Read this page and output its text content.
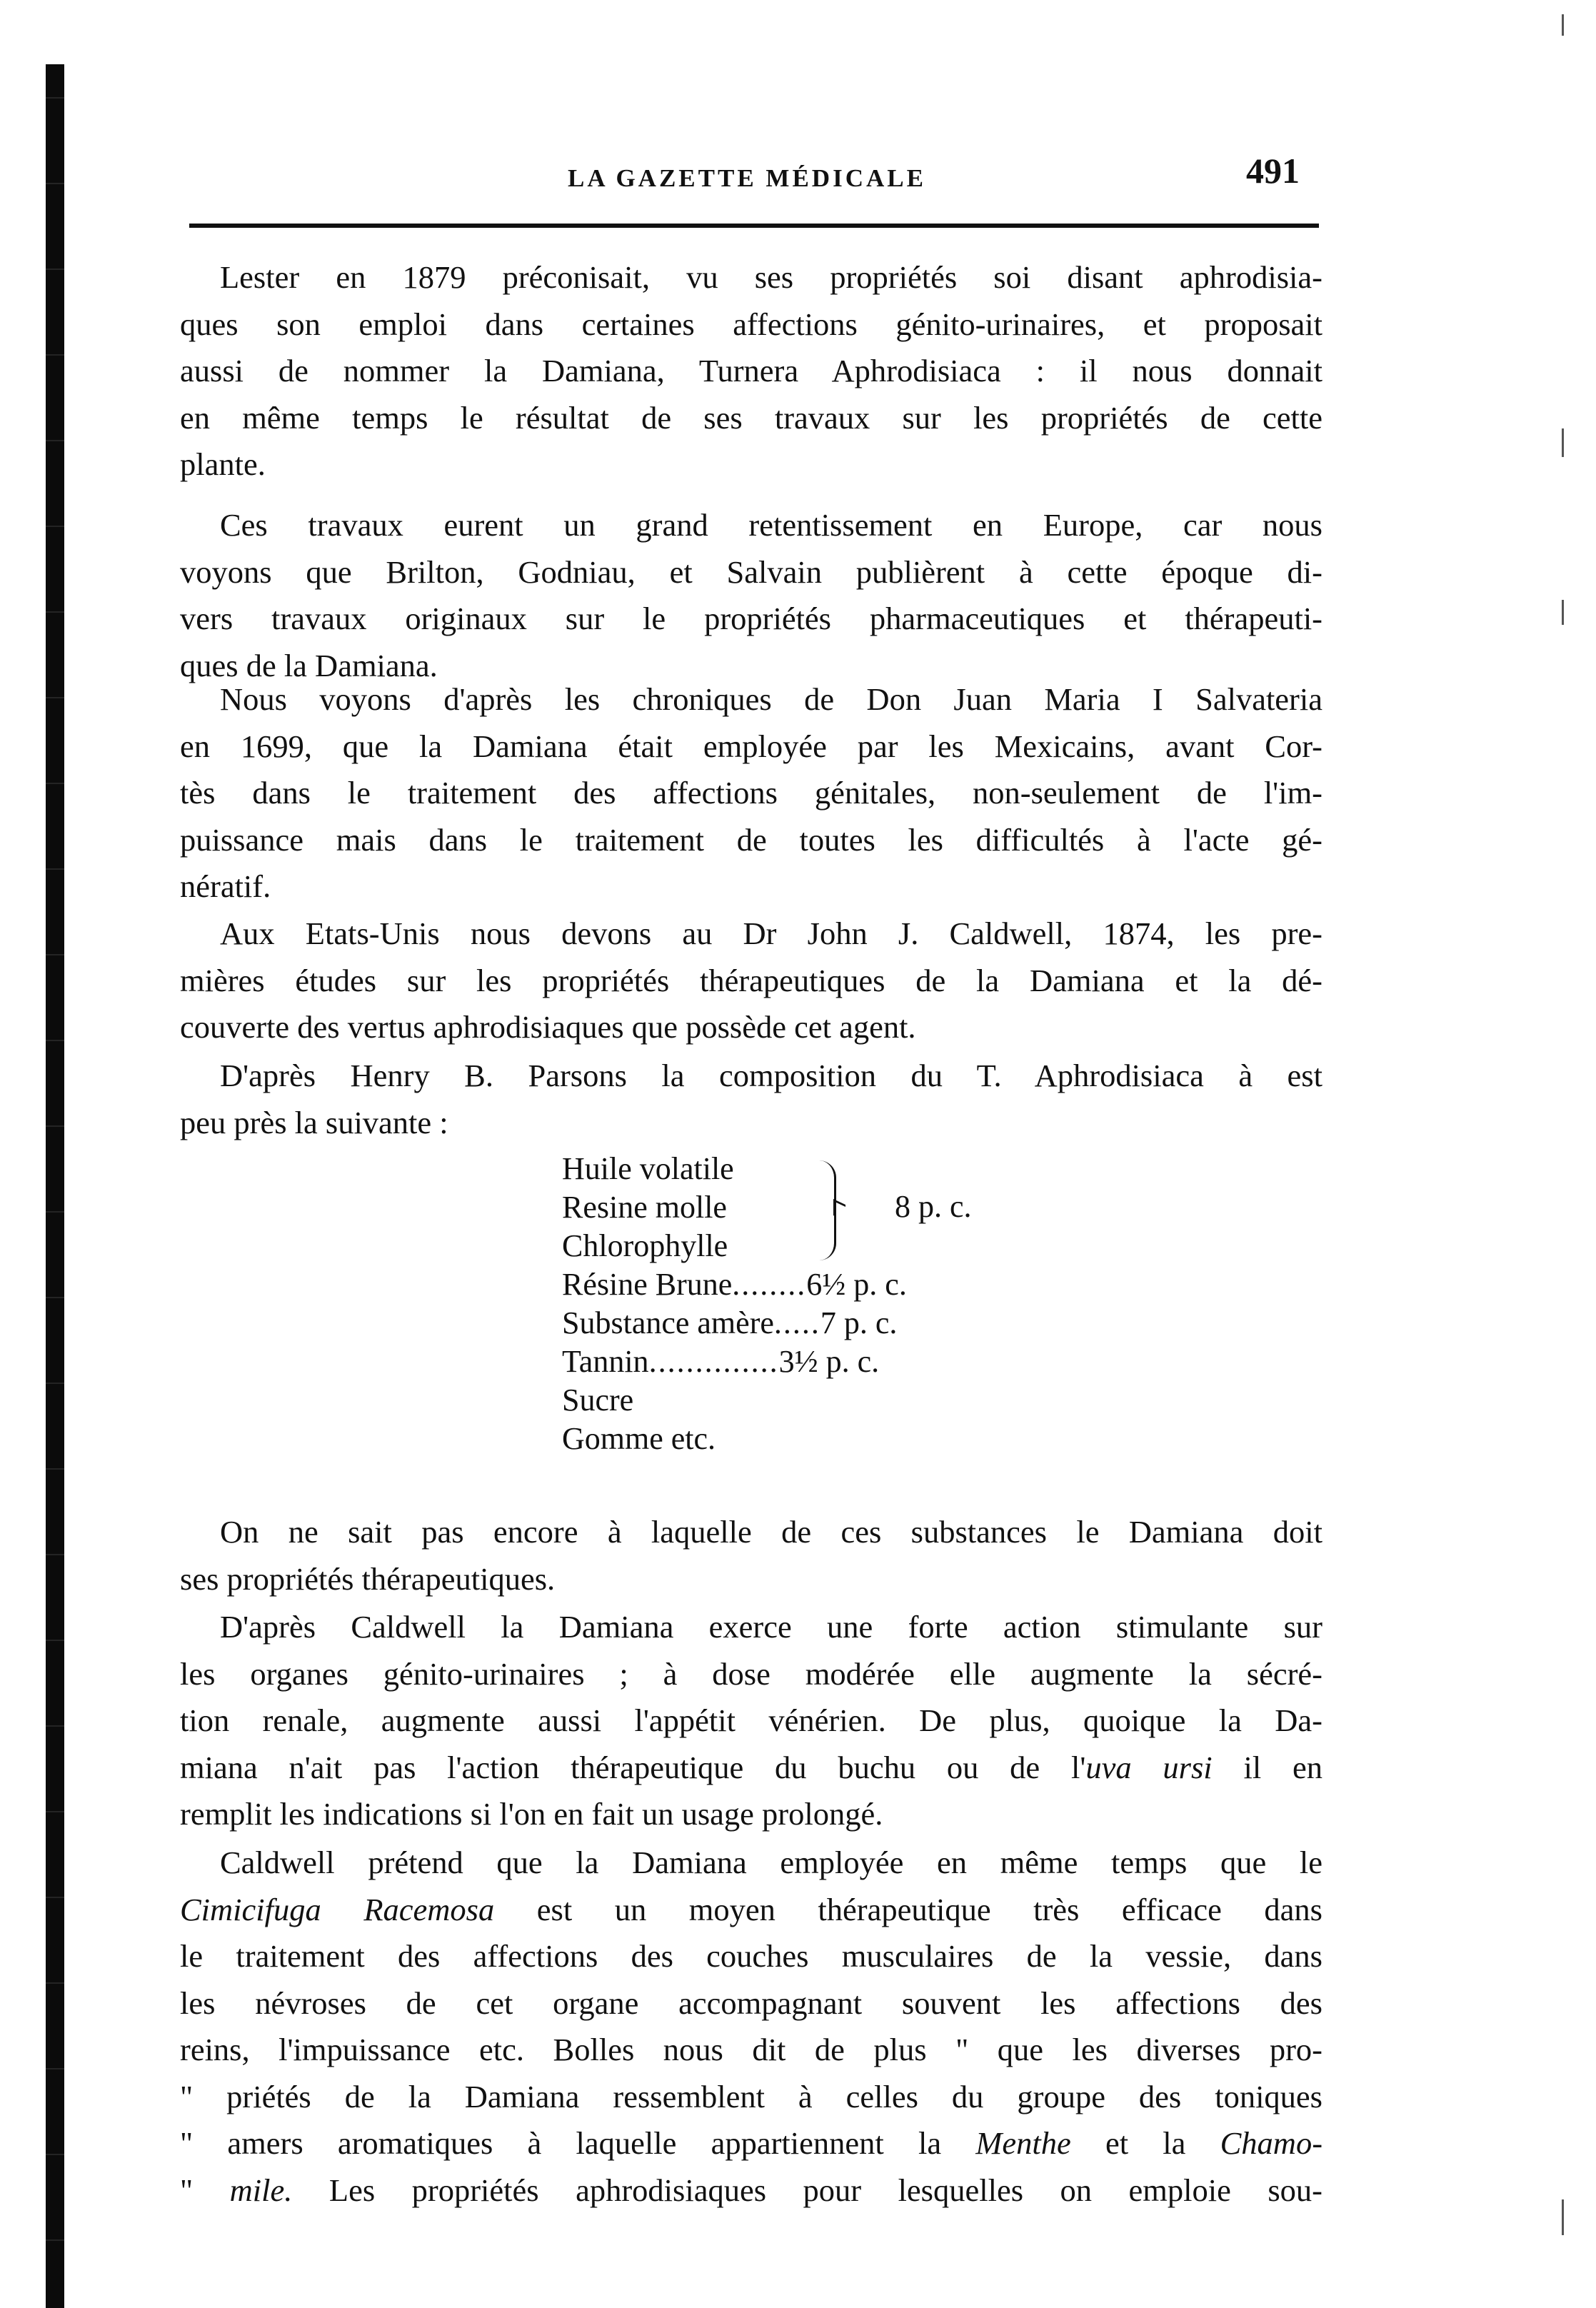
LA GAZETTE MÉDICALE	491
Lester en 1879 préconisait, vu ses propriétés soi disant aphrodisia-
ques son emploi dans certaines affections génito-urinaires, et proposait
aussi de nommer la Damiana, Turnera Aphrodisiaca : il nous donnait
en même temps le résultat de ses travaux sur les propriétés de cette
plante.
Ces travaux eurent un grand retentissement en Europe, car nous
voyons que Brilton, Godniau, et Salvain publièrent à cette époque di-
vers travaux originaux sur le propriétés pharmaceutiques et thérapeuti-
ques de la Damiana.
Nous voyons d'après les chroniques de Don Juan Maria I Salvateria
en 1699, que la Damiana était employée par les Mexicains, avant Cor-
tès dans le traitement des affections génitales, non-seulement de l'im-
puissance mais dans le traitement de toutes les difficultés à l'acte gé-
nératif.
Aux Etats-Unis nous devons au Dr John J. Caldwell, 1874, les pre-
mières études sur les propriétés thérapeutiques de la Damiana et la dé-
couverte des vertus aphrodisiaques que possède cet agent.
D'après Henry B. Parsons la composition du T. Aphrodisiaca à est
peu près la suivante :
8 p. c.
Huile volatile
Resine molle
Chlorophylle
Résine Brune........6½ p. c.
Substance amère.....7 p. c.
Tannin..............3½ p. c.
Sucre
Gomme etc.
On ne sait pas encore à laquelle de ces substances le Damiana doit
ses propriétés thérapeutiques.
D'après Caldwell la Damiana exerce une forte action stimulante sur
les organes génito-urinaires ; à dose modérée elle augmente la sécré-
tion renale, augmente aussi l'appétit vénérien. De plus, quoique la Da-
miana n'ait pas l'action thérapeutique du buchu ou de l'uva ursi il en
remplit les indications si l'on en fait un usage prolongé.
Caldwell prétend que la Damiana employée en même temps que le
Cimicifuga Racemosa est un moyen thérapeutique très efficace dans
le traitement des affections des couches musculaires de la vessie, dans
les névroses de cet organe accompagnant souvent les affections des
reins, l'impuissance etc. Bolles nous dit de plus " que les diverses pro-
" priétés de la Damiana ressemblent à celles du groupe des toniques
" amers aromatiques à laquelle appartiennent la Menthe et la Chamo-
" mile. Les propriétés aphrodisiaques pour lesquelles on emploie sou-
